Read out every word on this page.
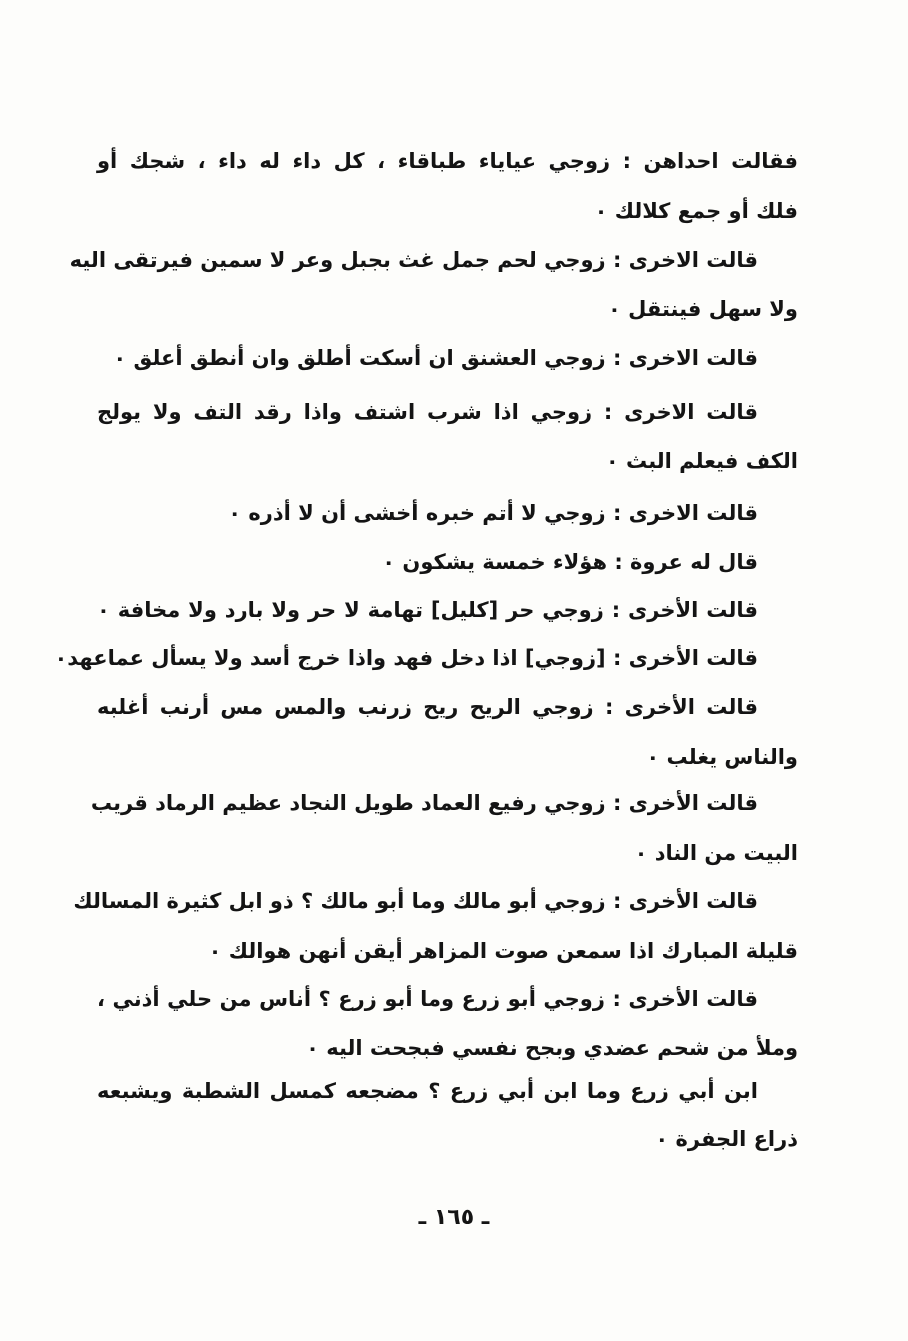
فقالت احداهن : زوجي عياياء طباقاء ، كل داء له داء ، شجك أو
فلك أو جمع كلالك ٠
قالت الاخرى : زوجي لحم جمل غث بجبل وعر لا سمين فيرتقى اليه
ولا سهل فينتقل ٠
قالت الاخرى : زوجي العشنق ان أسكت أطلق وان أنطق أعلق ٠
قالت الاخرى : زوجي اذا شرب اشتف واذا رقد التف ولا يولج
الكف فيعلم البث ٠
قالت الاخرى : زوجي لا أتم خبره أخشى أن لا أذره ٠
قال له عروة : هؤلاء خمسة يشكون ٠
قالت الأخرى : زوجي حر [كليل] تهامة لا حر ولا بارد ولا مخافة ٠
قالت الأخرى : [زوجي] اذا دخل فهد واذا خرج أسد ولا يسأل عماعهد٠
قالت الأخرى : زوجي الريح ريح زرنب والمس مس أرنب أغلبه
والناس يغلب ٠
قالت الأخرى : زوجي رفيع العماد طويل النجاد عظيم الرماد قريب
البيت من الناد ٠
قالت الأخرى : زوجي أبو مالك وما أبو مالك ؟ ذو ابل كثيرة المسالك
قليلة المبارك اذا سمعن صوت المزاهر أيقن أنهن هوالك ٠
قالت الأخرى : زوجي أبو زرع وما أبو زرع ؟ أناس من حلي أذني ،
وملأ من شحم عضدي وبجح نفسي فبجحت اليه ٠
ابن أبي زرع وما ابن أبي زرع ؟ مضجعه كمسل الشطبة ويشبعه
ذراع الجفرة ٠
ـ ١٦٥ ـ
